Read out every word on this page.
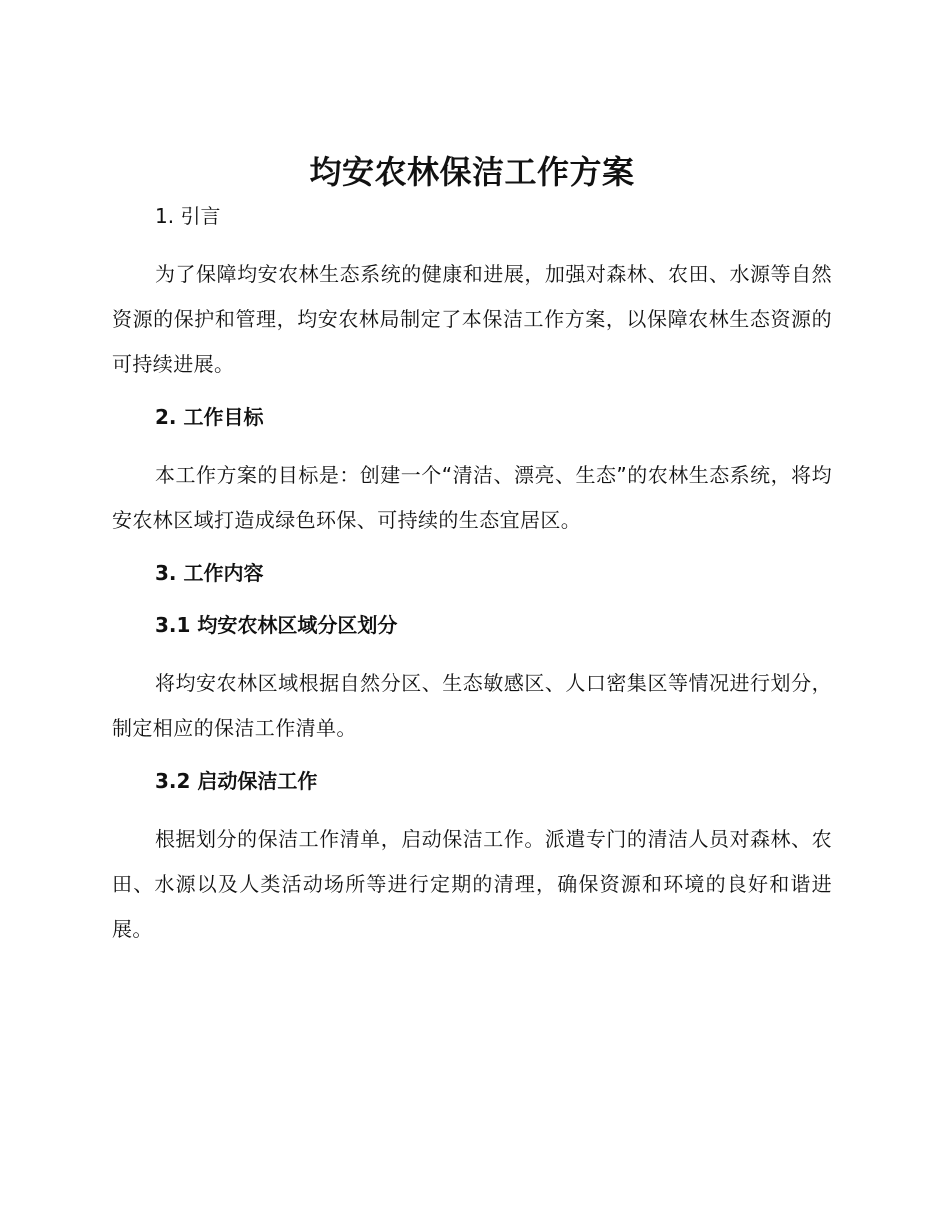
均安农林保洁工作方案
1. 引言
为了保障均安农林生态系统的健康和进展，加强对森林、农田、水源等自然资源的保护和管理，均安农林局制定了本保洁工作方案，以保障农林生态资源的可持续进展。
2. 工作目标
本工作方案的目标是：创建一个“清洁、漂亮、生态”的农林生态系统，将均安农林区域打造成绿色环保、可持续的生态宜居区。
3. 工作内容
3.1 均安农林区域分区划分
将均安农林区域根据自然分区、生态敏感区、人口密集区等情况进行划分，制定相应的保洁工作清单。
3.2 启动保洁工作
根据划分的保洁工作清单，启动保洁工作。派遣专门的清洁人员对森林、农田、水源以及人类活动场所等进行定期的清理，确保资源和环境的良好和谐进展。
